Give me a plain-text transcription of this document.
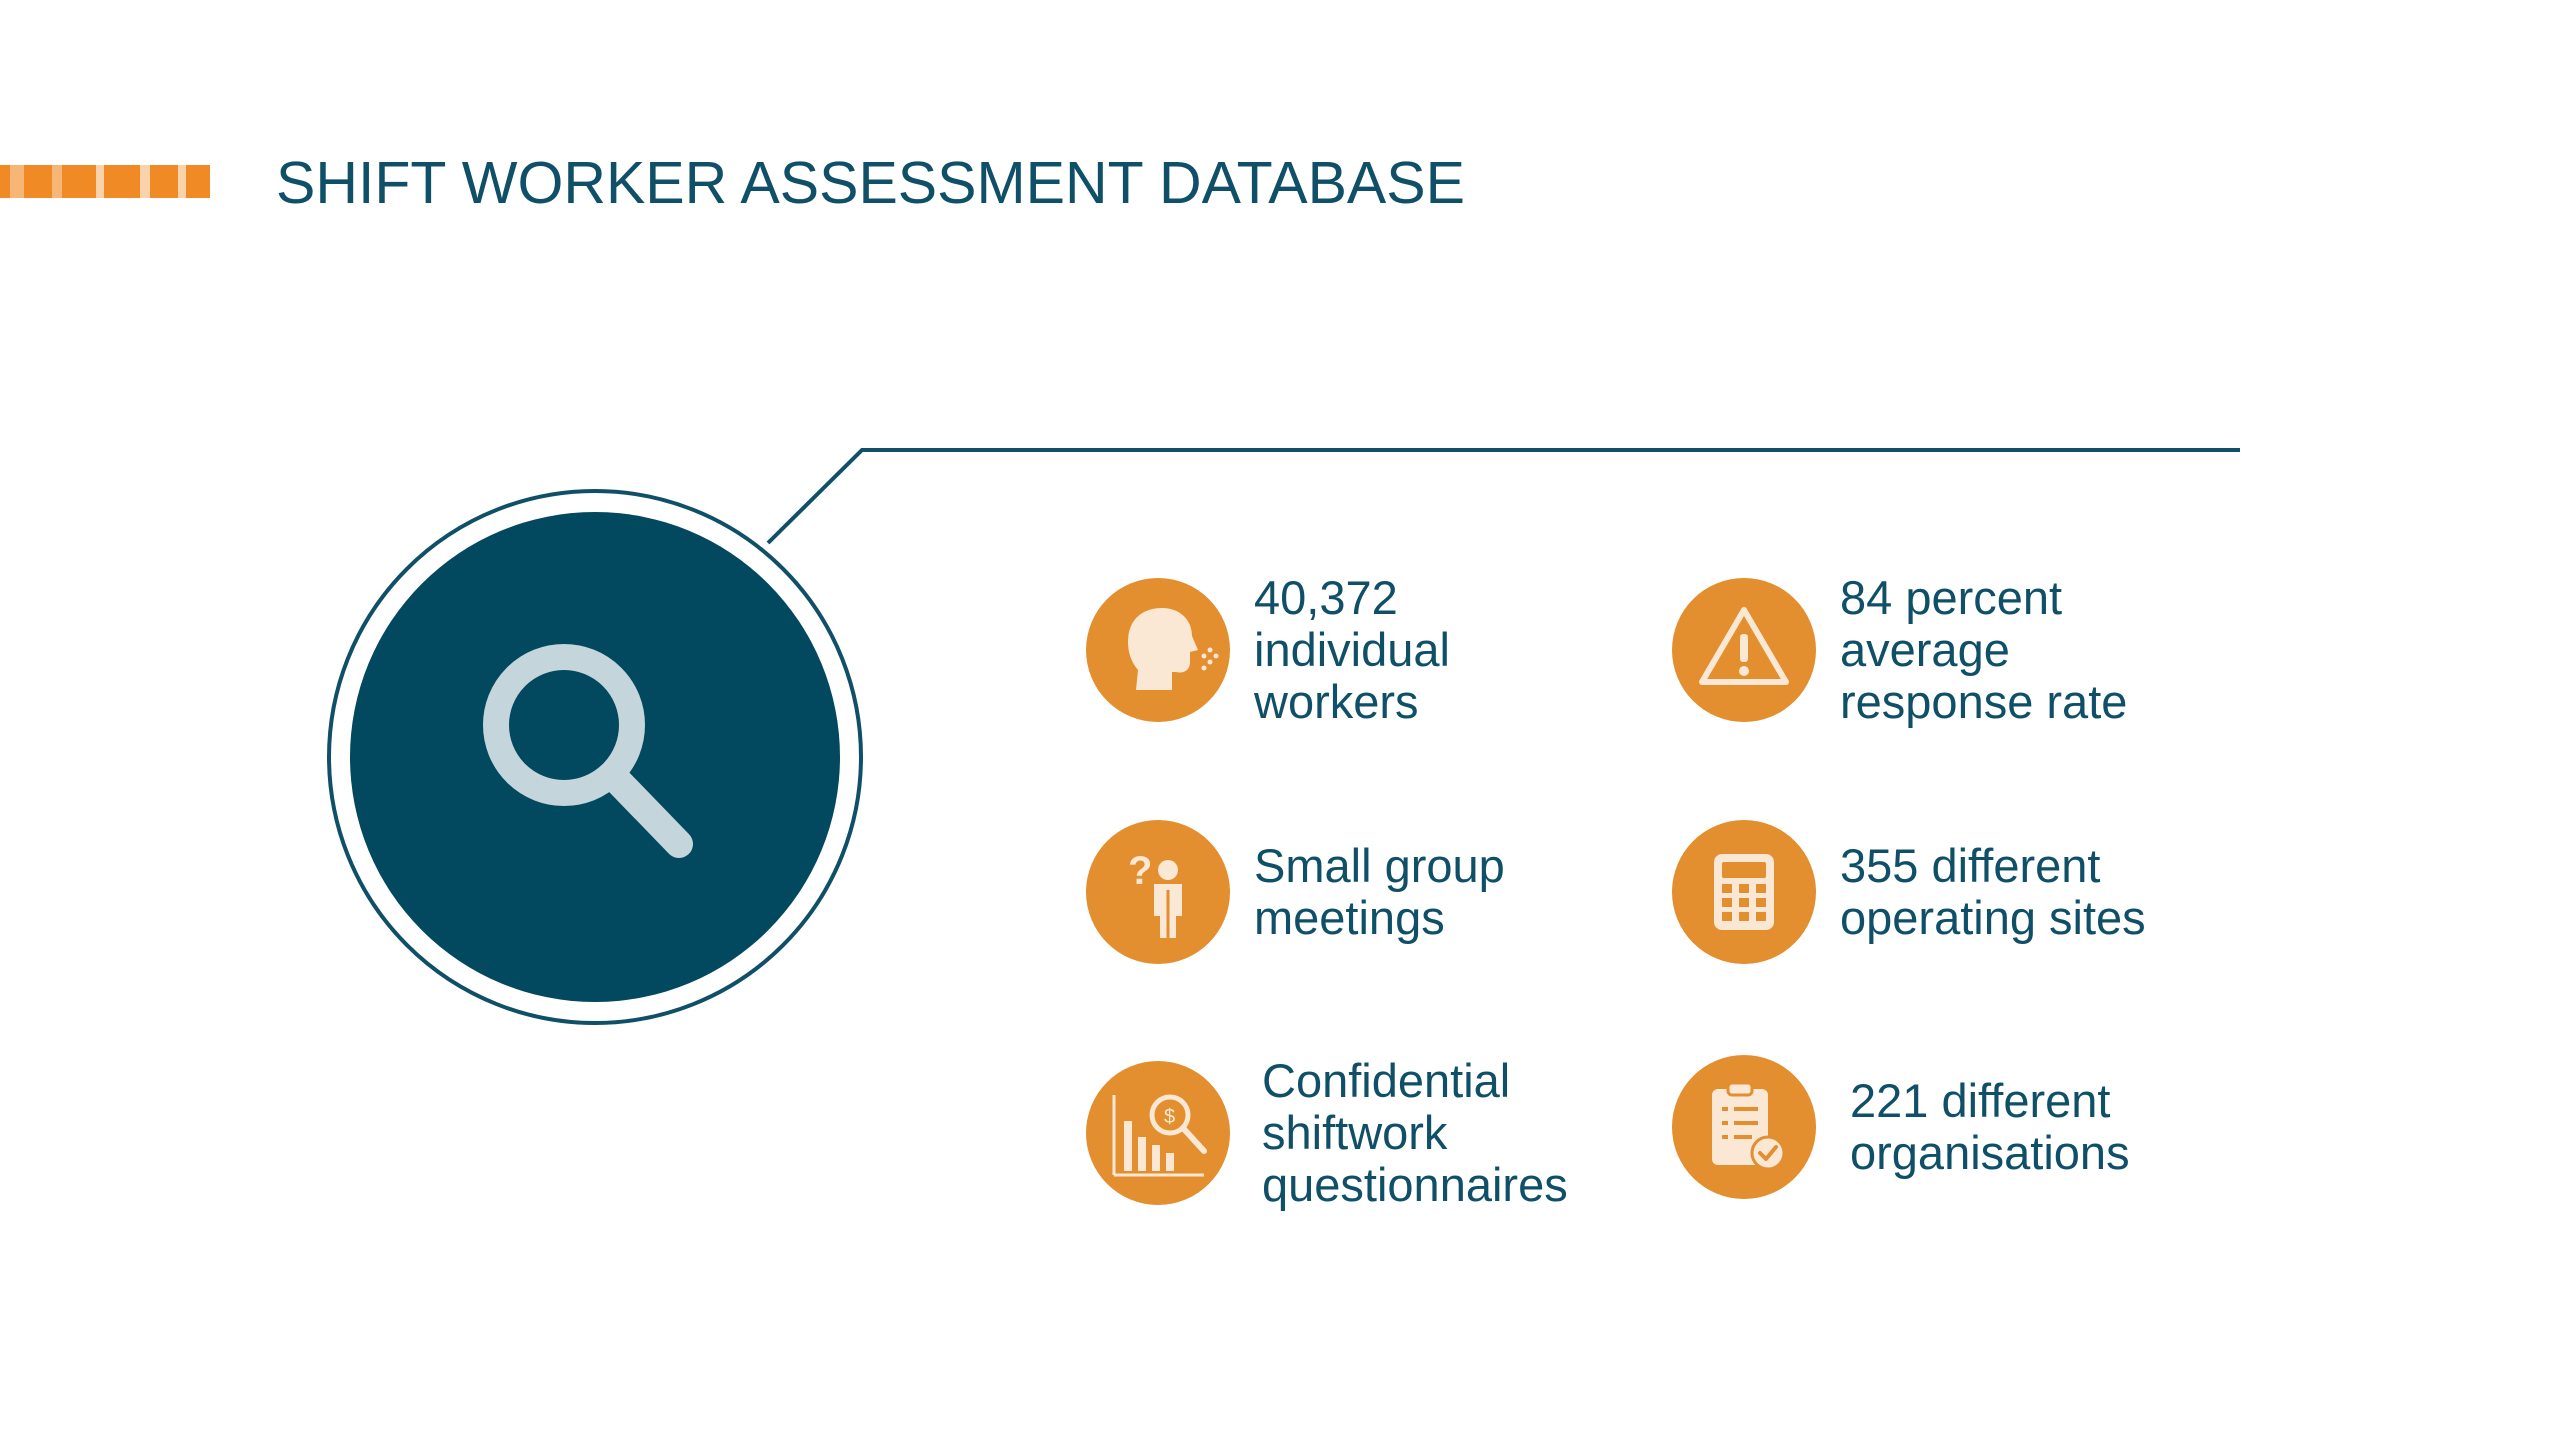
SHIFT WORKER ASSESSMENT DATABASE
40,372
individual
workers
84 percent
average
response rate
? Small group
meetings
355 different
operating sites
$
Confidential
shiftwork
questionnaires
221 different
organisations
